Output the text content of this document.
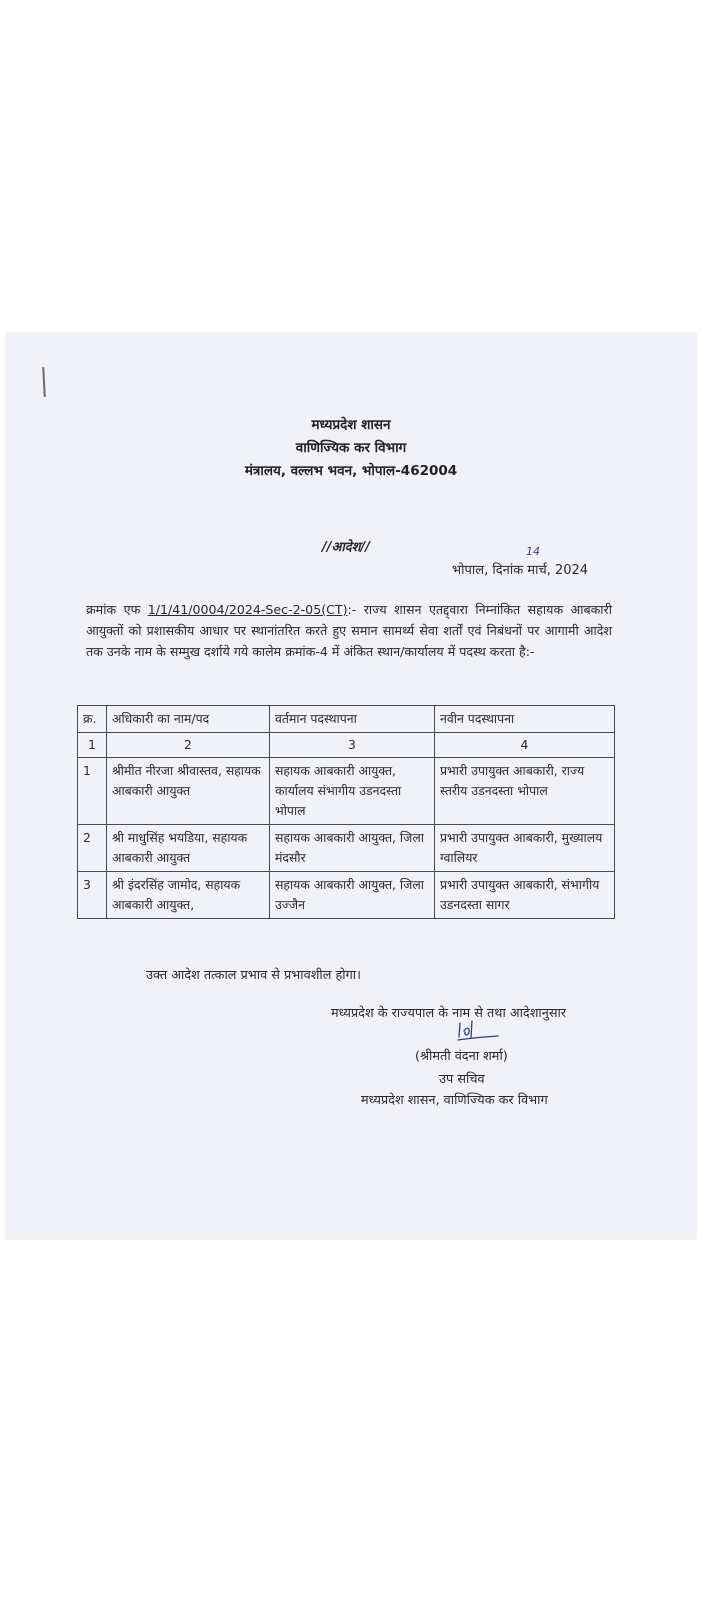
मध्यप्रदेश शासन
वाणिज्यिक कर विभाग
मंत्रालय, वल्लभ भवन, भोपाल-462004
//आदेश//	14
भोपाल, दिनांक मार्च, 2024
क्रमांक एफ 1/1/41/0004/2024-Sec-2-05(CT):- राज्य शासन एतद्द्वारा निम्नांकित सहायक आबकारी आयुक्तों को प्रशासकीय आधार पर स्थानांतरित करते हुए समान सामर्थ्य सेवा शर्तों एवं निबंधनों पर आगामी आदेश तक उनके नाम के सम्मुख दर्शाये गये कालेम क्रमांक-4 में अंकित स्थान/कार्यालय में पदस्थ करता है:-
क्र.	अधिकारी का नाम/पद	वर्तमान पदस्थापना	नवीन पदस्थापना
1	2	3	4
1	श्रीमीत नीरजा श्रीवास्तव, सहायक आबकारी आयुक्त	सहायक आबकारी आयुक्त, कार्यालय संभागीय उडनदस्ता भोपाल	प्रभारी उपायुक्त आबकारी, राज्य स्तरीय उडनदस्ता भोपाल
2	श्री माधुसिंह भयडिया, सहायक आबकारी आयुक्त	सहायक आबकारी आयुक्त, जिला मंदसौर	प्रभारी उपायुक्त आबकारी, मुख्यालय ग्वालियर
3	श्री इंदरसिंह जामोद, सहायक आबकारी आयुक्त,	सहायक आबकारी आयुक्त, जिला उज्जैन	प्रभारी उपायुक्त आबकारी, संभागीय उडनदस्ता सागर
उक्त आदेश तत्काल प्रभाव से प्रभावशील होगा।
मध्यप्रदेश के राज्यपाल के नाम से तथा आदेशानुसार
(श्रीमती वंदना शर्मा)
उप सचिव
मध्यप्रदेश शासन, वाणिज्यिक कर विभाग
